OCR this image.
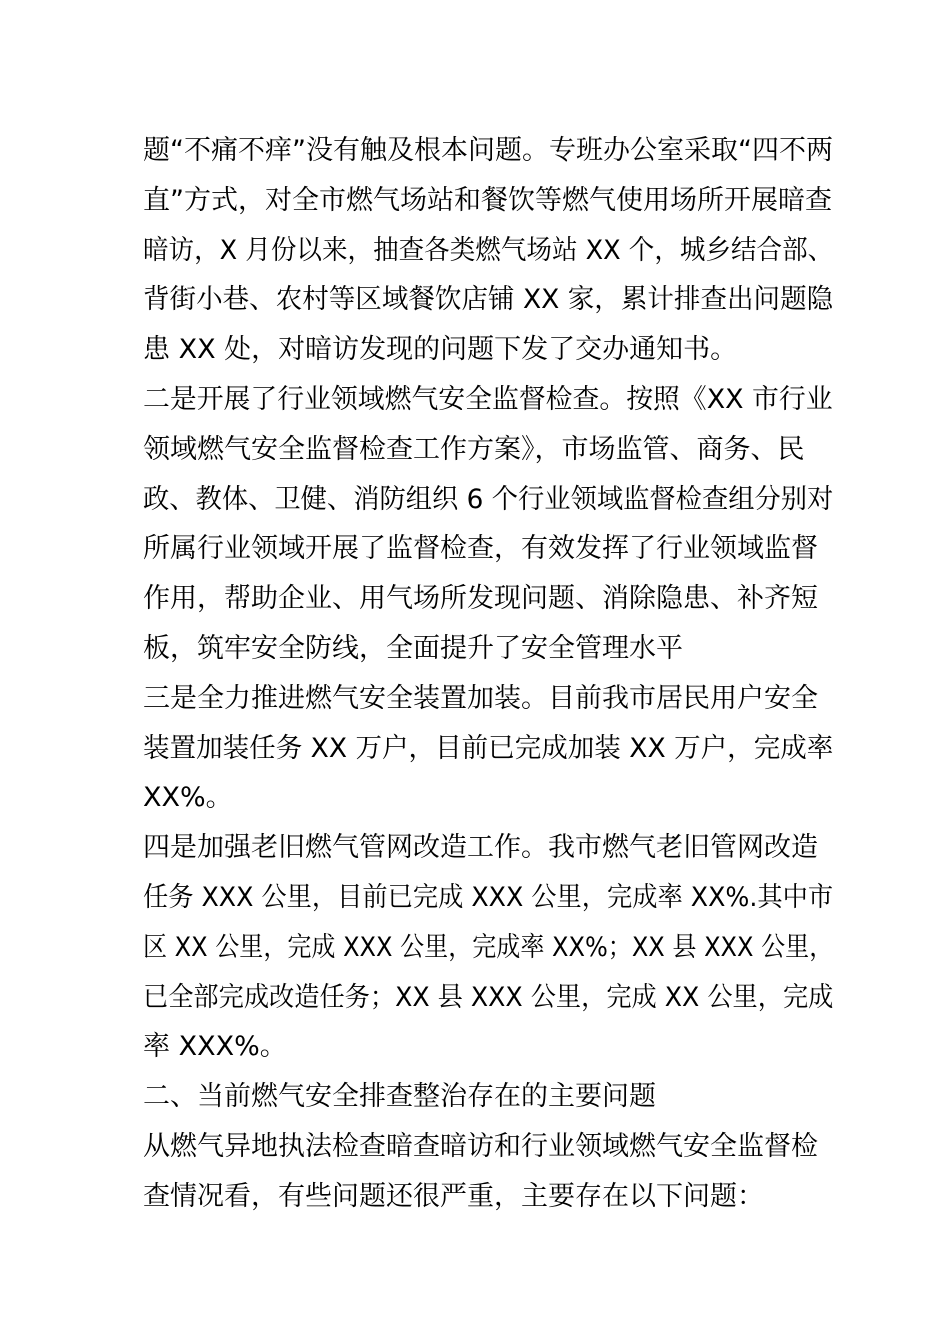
题“不痛不痒”没有触及根本问题。专班办公室采取“四不两
直”方式，对全市燃气场站和餐饮等燃气使用场所开展暗查
暗访，X 月份以来，抽查各类燃气场站 XX 个，城乡结合部、
背街小巷、农村等区域餐饮店铺 XX 家，累计排查出问题隐
患 XX 处，对暗访发现的问题下发了交办通知书。
二是开展了行业领域燃气安全监督检查。按照《XX 市行业
领域燃气安全监督检查工作方案》，市场监管、商务、民
政、教体、卫健、消防组织 6 个行业领域监督检查组分别对
所属行业领域开展了监督检查，有效发挥了行业领域监督
作用，帮助企业、用气场所发现问题、消除隐患、补齐短
板，筑牢安全防线，全面提升了安全管理水平
三是全力推进燃气安全装置加装。目前我市居民用户安全
装置加装任务 XX 万户，目前已完成加装 XX 万户，完成率
XX%。
四是加强老旧燃气管网改造工作。我市燃气老旧管网改造
任务 XXX 公里，目前已完成 XXX 公里，完成率 XX%.其中市
区 XX 公里，完成 XXX 公里，完成率 XX%；XX 县 XXX 公里，
已全部完成改造任务；XX 县 XXX 公里，完成 XX 公里，完成
率 XXX%。
二、当前燃气安全排查整治存在的主要问题
从燃气异地执法检查暗查暗访和行业领域燃气安全监督检
查情况看，有些问题还很严重，主要存在以下问题：
